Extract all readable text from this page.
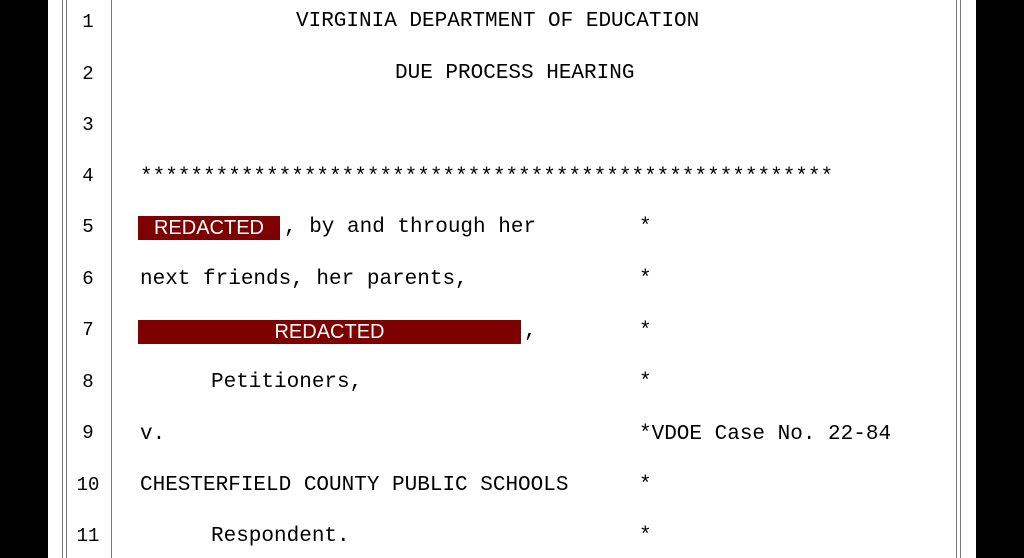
1
2
3
4
5
6
7
8
9
10
11
VIRGINIA DEPARTMENT OF EDUCATION
DUE PROCESS HEARING
*******************************************************
REDACTED , by and through her	*
next friends, her parents,	*
REDACTED	,	*
Petitioners,	*
v.	*VDOE Case No. 22-84
CHESTERFIELD COUNTY PUBLIC SCHOOLS	*
Respondent.	*
